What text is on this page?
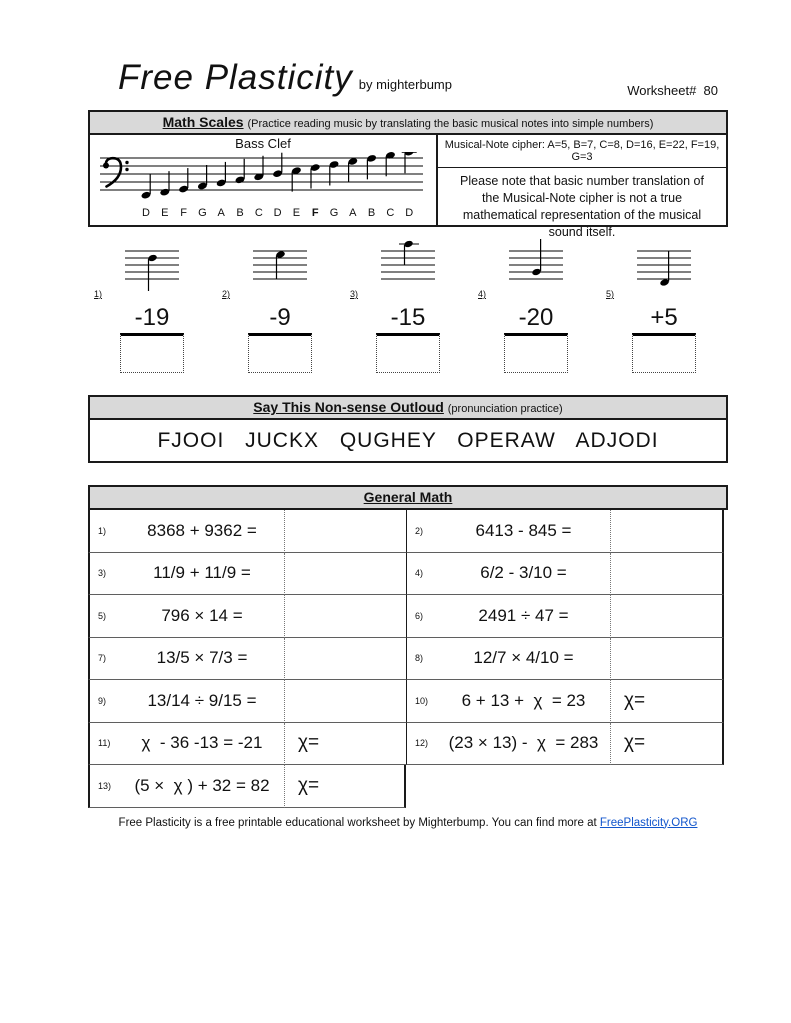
Free Plasticity by mighterbump	Worksheet#  80
Math Scales (Practice reading music by translating the basic musical notes into simple numbers)
Bass Clef
D E F G A B C D E F G A B C D
Musical-Note cipher: A=5, B=7, C=8, D=16, E=22, F=19, G=3
Please note that basic number translation of the Musical-Note cipher is not a true mathematical representation of the musical sound itself.
1)	2)	3)	4)	5)
-19	-9	-15	-20	+5
Say This Non-sense Outloud (pronunciation practice)
FJOOI JUCKX QUGHEY OPERAW ADJODI
General Math
1)	8368 + 9362 =	2)	6413 - 845 =
3)	11/9 + 11/9 =	4)	6/2 - 3/10 =
5)	796 × 14 =	6)	2491 ÷ 47 =
7)	13/5 × 7/3 =	8)	12/7 × 4/10 =
9)	13/14 ÷ 9/15 =	10)	6 + 13 +  χ  = 23	χ=
11)	χ  - 36 -13 = -21	χ=	12)	(23 × 13) -  χ  = 283	χ=
13)	(5 ×  χ ) + 32 = 82	χ=
Free Plasticity is a free printable educational worksheet by Mighterbump. You can find more at FreePlasticity.ORG
